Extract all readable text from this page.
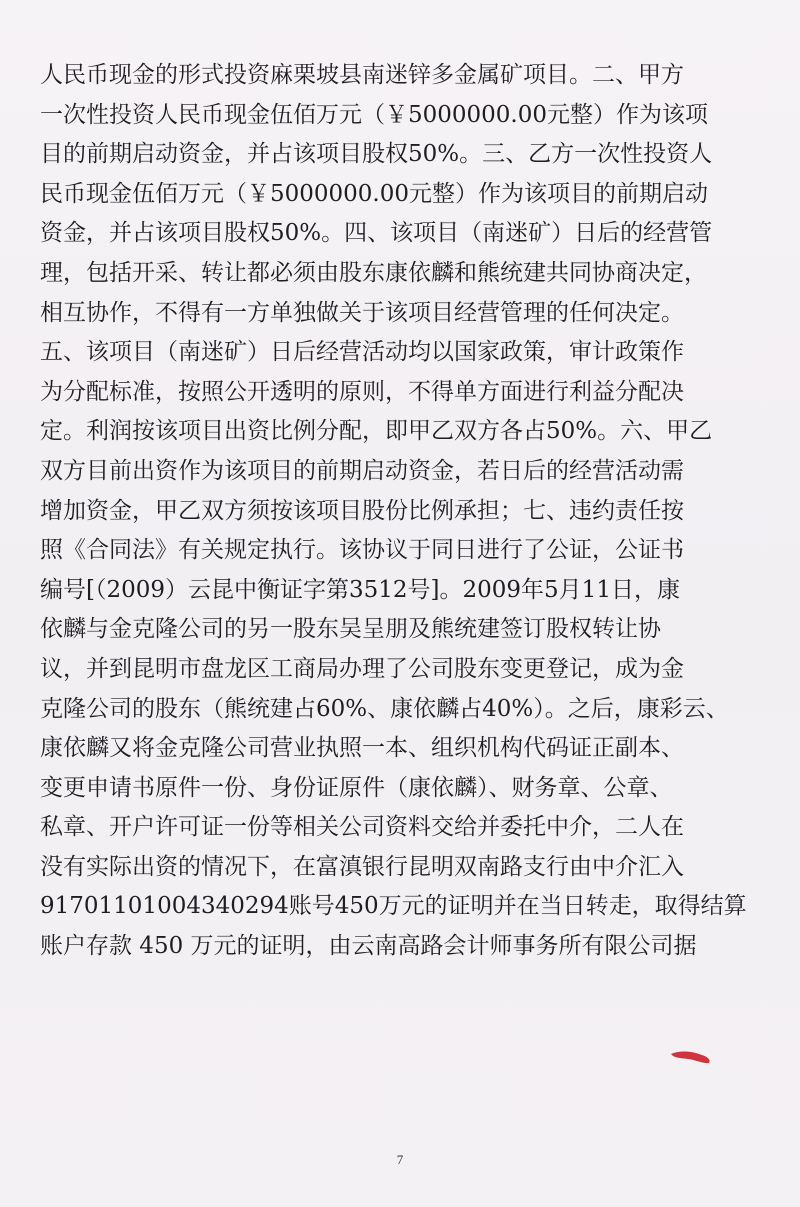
人民币现金的形式投资麻栗坡县南迷锌多金属矿项目。二、甲方
一次性投资人民币现金伍佰万元（￥5000000.00元整）作为该项
目的前期启动资金，并占该项目股权50%。三、乙方一次性投资人
民币现金伍佰万元（￥5000000.00元整）作为该项目的前期启动
资金，并占该项目股权50%。四、该项目（南迷矿）日后的经营管
理，包括开采、转让都必须由股东康依麟和熊统建共同协商决定，
相互协作，不得有一方单独做关于该项目经营管理的任何决定。
五、该项目（南迷矿）日后经营活动均以国家政策，审计政策作
为分配标准，按照公开透明的原则，不得单方面进行利益分配决
定。利润按该项目出资比例分配，即甲乙双方各占50%。六、甲乙
双方目前出资作为该项目的前期启动资金，若日后的经营活动需
增加资金，甲乙双方须按该项目股份比例承担；七、违约责任按
照《合同法》有关规定执行。该协议于同日进行了公证，公证书
编号[（2009）云昆中衡证字第3512号]。2009年5月11日，康
依麟与金克隆公司的另一股东吴呈朋及熊统建签订股权转让协
议，并到昆明市盘龙区工商局办理了公司股东变更登记，成为金
克隆公司的股东（熊统建占60%、康依麟占40%）。之后，康彩云、
康依麟又将金克隆公司营业执照一本、组织机构代码证正副本、
变更申请书原件一份、身份证原件（康依麟）、财务章、公章、
私章、开户许可证一份等相关公司资料交给并委托中介，二人在
没有实际出资的情况下，在富滇银行昆明双南路支行由中介汇入
91701101004340294账号450万元的证明并在当日转走，取得结算
账户存款 450 万元的证明，由云南高路会计师事务所有限公司据
7
